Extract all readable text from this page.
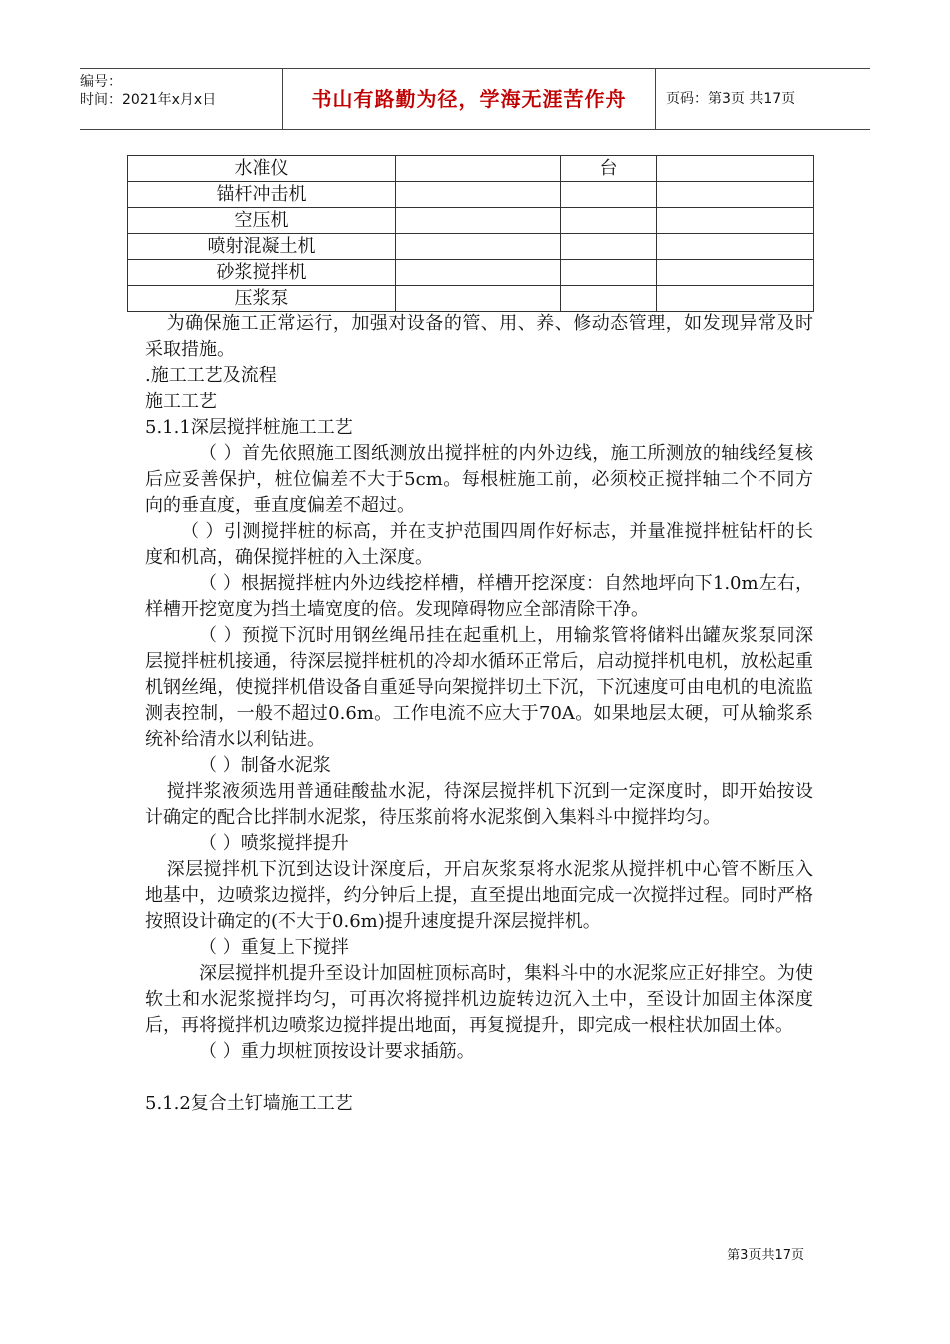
编号：
时间：2021年x月x日	书山有路勤为径，学海无涯苦作舟	页码：第3页 共17页
水准仪		台	
锚杆冲击机			
空压机			
喷射混凝土机			
砂浆搅拌机			
压浆泵			

为确保施工正常运行，加强对设备的管、用、养、修动态管理，如发现异常及时采取措施。

.施工工艺及流程

施工工艺

5.1.1深层搅拌桩施工工艺

（ ）首先依照施工图纸测放出搅拌桩的内外边线，施工所测放的轴线经复核后应妥善保护，桩位偏差不大于5cm。每根桩施工前，必须校正搅拌轴二个不同方向的垂直度，垂直度偏差不超过。

（ ）引测搅拌桩的标高，并在支护范围四周作好标志，并量准搅拌桩钻杆的长度和机高，确保搅拌桩的入土深度。

（ ）根据搅拌桩内外边线挖样槽，样槽开挖深度：自然地坪向下1.0m左右，样槽开挖宽度为挡土墙宽度的倍。发现障碍物应全部清除干净。

（ ）预搅下沉时用钢丝绳吊挂在起重机上，用输浆管将储料出罐灰浆泵同深层搅拌桩机接通，待深层搅拌桩机的冷却水循环正常后，启动搅拌机电机，放松起重机钢丝绳，使搅拌机借设备自重延导向架搅拌切土下沉，下沉速度可由电机的电流监测表控制，一般不超过0.6m。工作电流不应大于70A。如果地层太硬，可从输浆系统补给清水以利钻进。

（ ）制备水泥浆

搅拌浆液须选用普通硅酸盐水泥，待深层搅拌机下沉到一定深度时，即开始按设计确定的配合比拌制水泥浆，待压浆前将水泥浆倒入集料斗中搅拌均匀。

（ ）喷浆搅拌提升

深层搅拌机下沉到达设计深度后，开启灰浆泵将水泥浆从搅拌机中心管不断压入地基中，边喷浆边搅拌，约分钟后上提，直至提出地面完成一次搅拌过程。同时严格按照设计确定的(不大于0.6m)提升速度提升深层搅拌机。

（ ）重复上下搅拌

深层搅拌机提升至设计加固桩顶标高时，集料斗中的水泥浆应正好排空。为使软土和水泥浆搅拌均匀，可再次将搅拌机边旋转边沉入土中，至设计加固主体深度后，再将搅拌机边喷浆边搅拌提出地面，再复搅提升，即完成一根柱状加固土体。

（ ）重力坝桩顶按设计要求插筋。

5.1.2复合土钉墙施工工艺

第3页共17页
